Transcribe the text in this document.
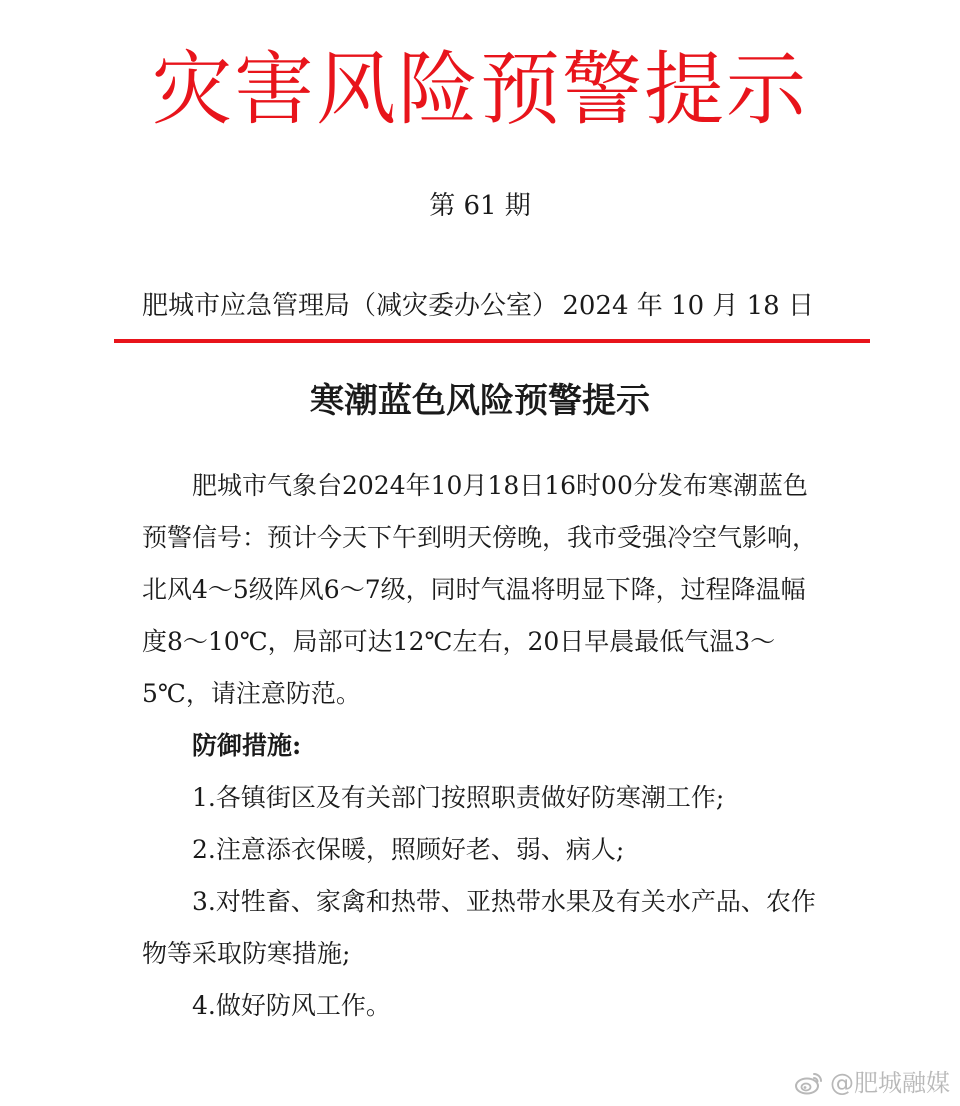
灾害风险预警提示
第 61 期
肥城市应急管理局（减灾委办公室） 2024 年 10 月 18 日
寒潮蓝色风险预警提示

肥城市气象台2024年10月18日16时00分发布寒潮蓝色预警信号：预计今天下午到明天傍晚，我市受强冷空气影响，北风4～5级阵风6～7级，同时气温将明显下降，过程降温幅度8～10℃，局部可达12℃左右，20日早晨最低气温3～5℃，请注意防范。

防御措施:

1.各镇街区及有关部门按照职责做好防寒潮工作;

2.注意添衣保暖，照顾好老、弱、病人;

3.对牲畜、家禽和热带、亚热带水果及有关水产品、农作物等采取防寒措施;

4.做好防风工作。

@肥城融媒
